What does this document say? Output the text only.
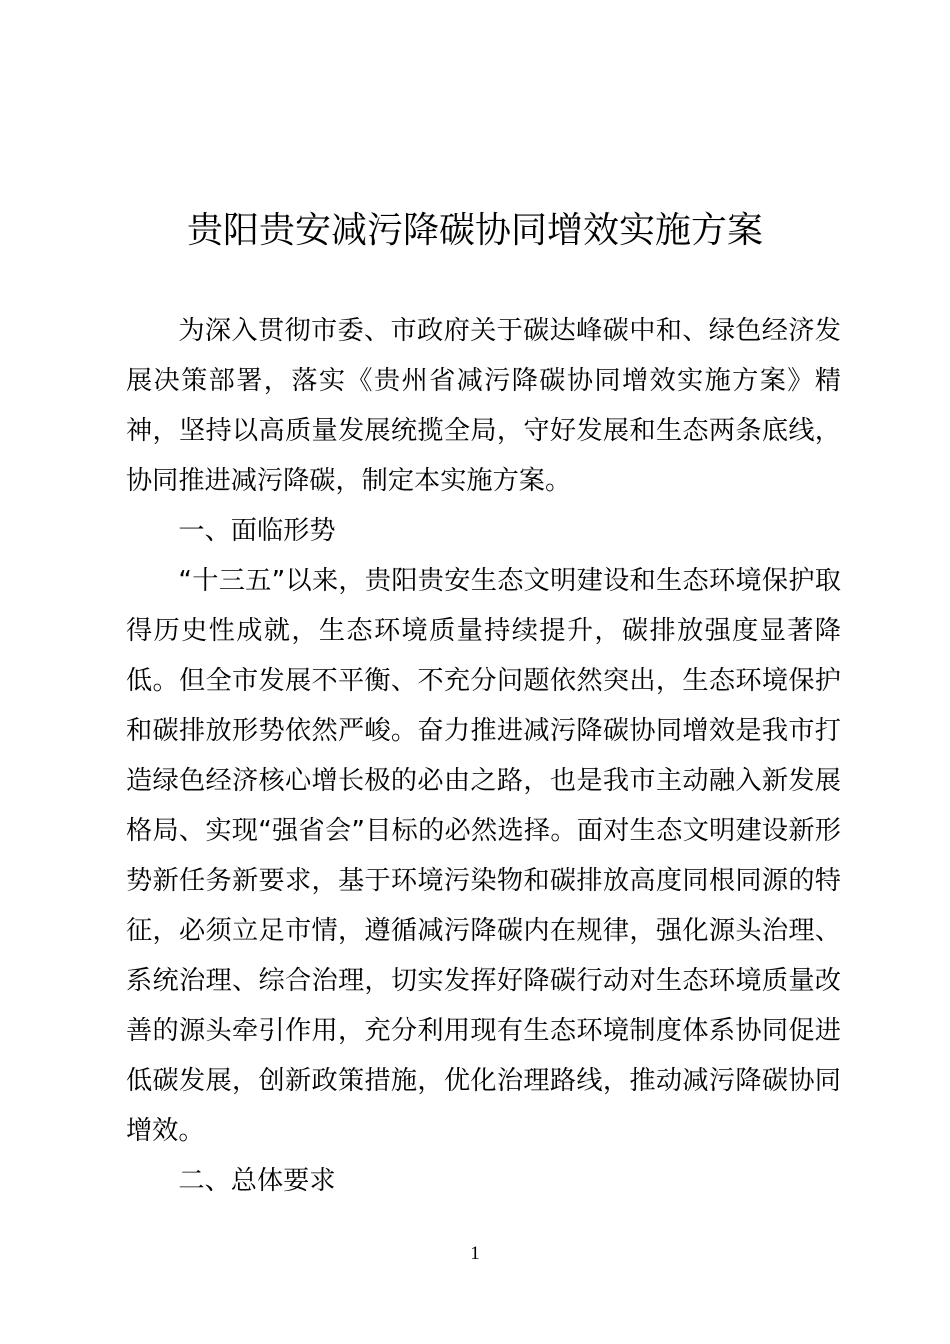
贵阳贵安减污降碳协同增效实施方案

为深入贯彻市委、市政府关于碳达峰碳中和、绿色经济发展决策部署，落实《贵州省减污降碳协同增效实施方案》精神，坚持以高质量发展统揽全局，守好发展和生态两条底线，协同推进减污降碳，制定本实施方案。

一、面临形势

“十三五”以来，贵阳贵安生态文明建设和生态环境保护取得历史性成就，生态环境质量持续提升，碳排放强度显著降低。但全市发展不平衡、不充分问题依然突出，生态环境保护和碳排放形势依然严峻。奋力推进减污降碳协同增效是我市打造绿色经济核心增长极的必由之路，也是我市主动融入新发展格局、实现“强省会”目标的必然选择。面对生态文明建设新形势新任务新要求，基于环境污染物和碳排放高度同根同源的特征，必须立足市情，遵循减污降碳内在规律，强化源头治理、系统治理、综合治理，切实发挥好降碳行动对生态环境质量改善的源头牵引作用，充分利用现有生态环境制度体系协同促进低碳发展，创新政策措施，优化治理路线，推动减污降碳协同增效。

二、总体要求

1
